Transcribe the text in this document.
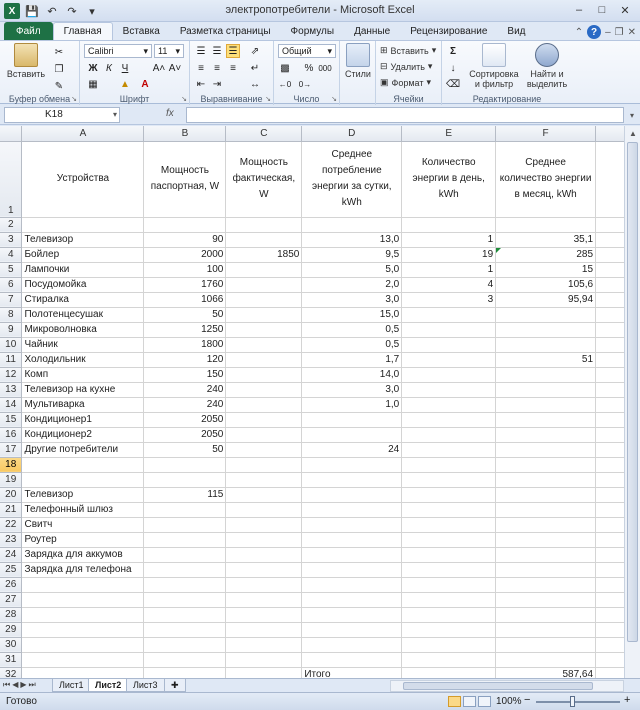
X 💾 ↶ ↷	▾	электропотребители - Microsoft Excel	–	□	✕
Файл	Главная	Вставка	Разметка страницы	Формулы	Данные	Рецензирование	Вид	⌃ ? – ❐ ✕
Вставить
✂
❐
✎
Буфер обмена ↘
Calibri	▾ 11 ▾
Ж К Ч	A˄ A˅
▦ ▲	A
Шрифт	↘
☰ ☰ ☰ ⇗
≡	≡	≡	↵
⇤ ⇥	↔
Выравнивание ↘
Общий ▾
▩ % 000
←0 0→
Число	↘
Стили
⊞ Вставить ▾
⊟ Удалить ▾
▣ Формат ▾
Ячейки
Σ
↓
⌫
Сортировка
и фильтр
Найти и
выделить
Редактирование
K18	▾	fx	▾
	A	B	C	D	E	F	
1	Устройства	Мощность паспортная, W	Мощность фактическая, W	Среднее потребление энергии за сутки, kWh	Количество энергии в день, kWh	Среднее количество энергии в месяц, kWh	
2							
3	Телевизор	90		13,0	1	35,1	
4	Бойлер	2000	1850	9,5	19	285	
5	Лампочки	100		5,0	1	15	
6	Посудомойка	1760		2,0	4	105,6	
7	Стиралка	1066		3,0	3	95,94	
8	Полотенцесушак	50		15,0			
9	Микроволновка	1250		0,5			
10	Чайник	1800		0,5			
11	Холодильник	120		1,7		51	
12	Комп	150		14,0			
13	Телевизор на кухне	240		3,0			
14	Мультиварка	240		1,0			
15	Кондиционер1	2050					
16	Кондиционер2	2050					
17	Другие потребители	50		24			
18							
19							
20	Телевизор	115					
21	Телефонный шлюз						
22	Свитч						
23	Роутер						
24	Зарядка для аккумов						
25	Зарядка для телефона						
26							
27							
28							
29							
30							
31							
32				Итого		587,64	

▲
⏮ ◀ ▶ ⏭	Лист1	Лист2	Лист3	✚
Готово	100% −	+
